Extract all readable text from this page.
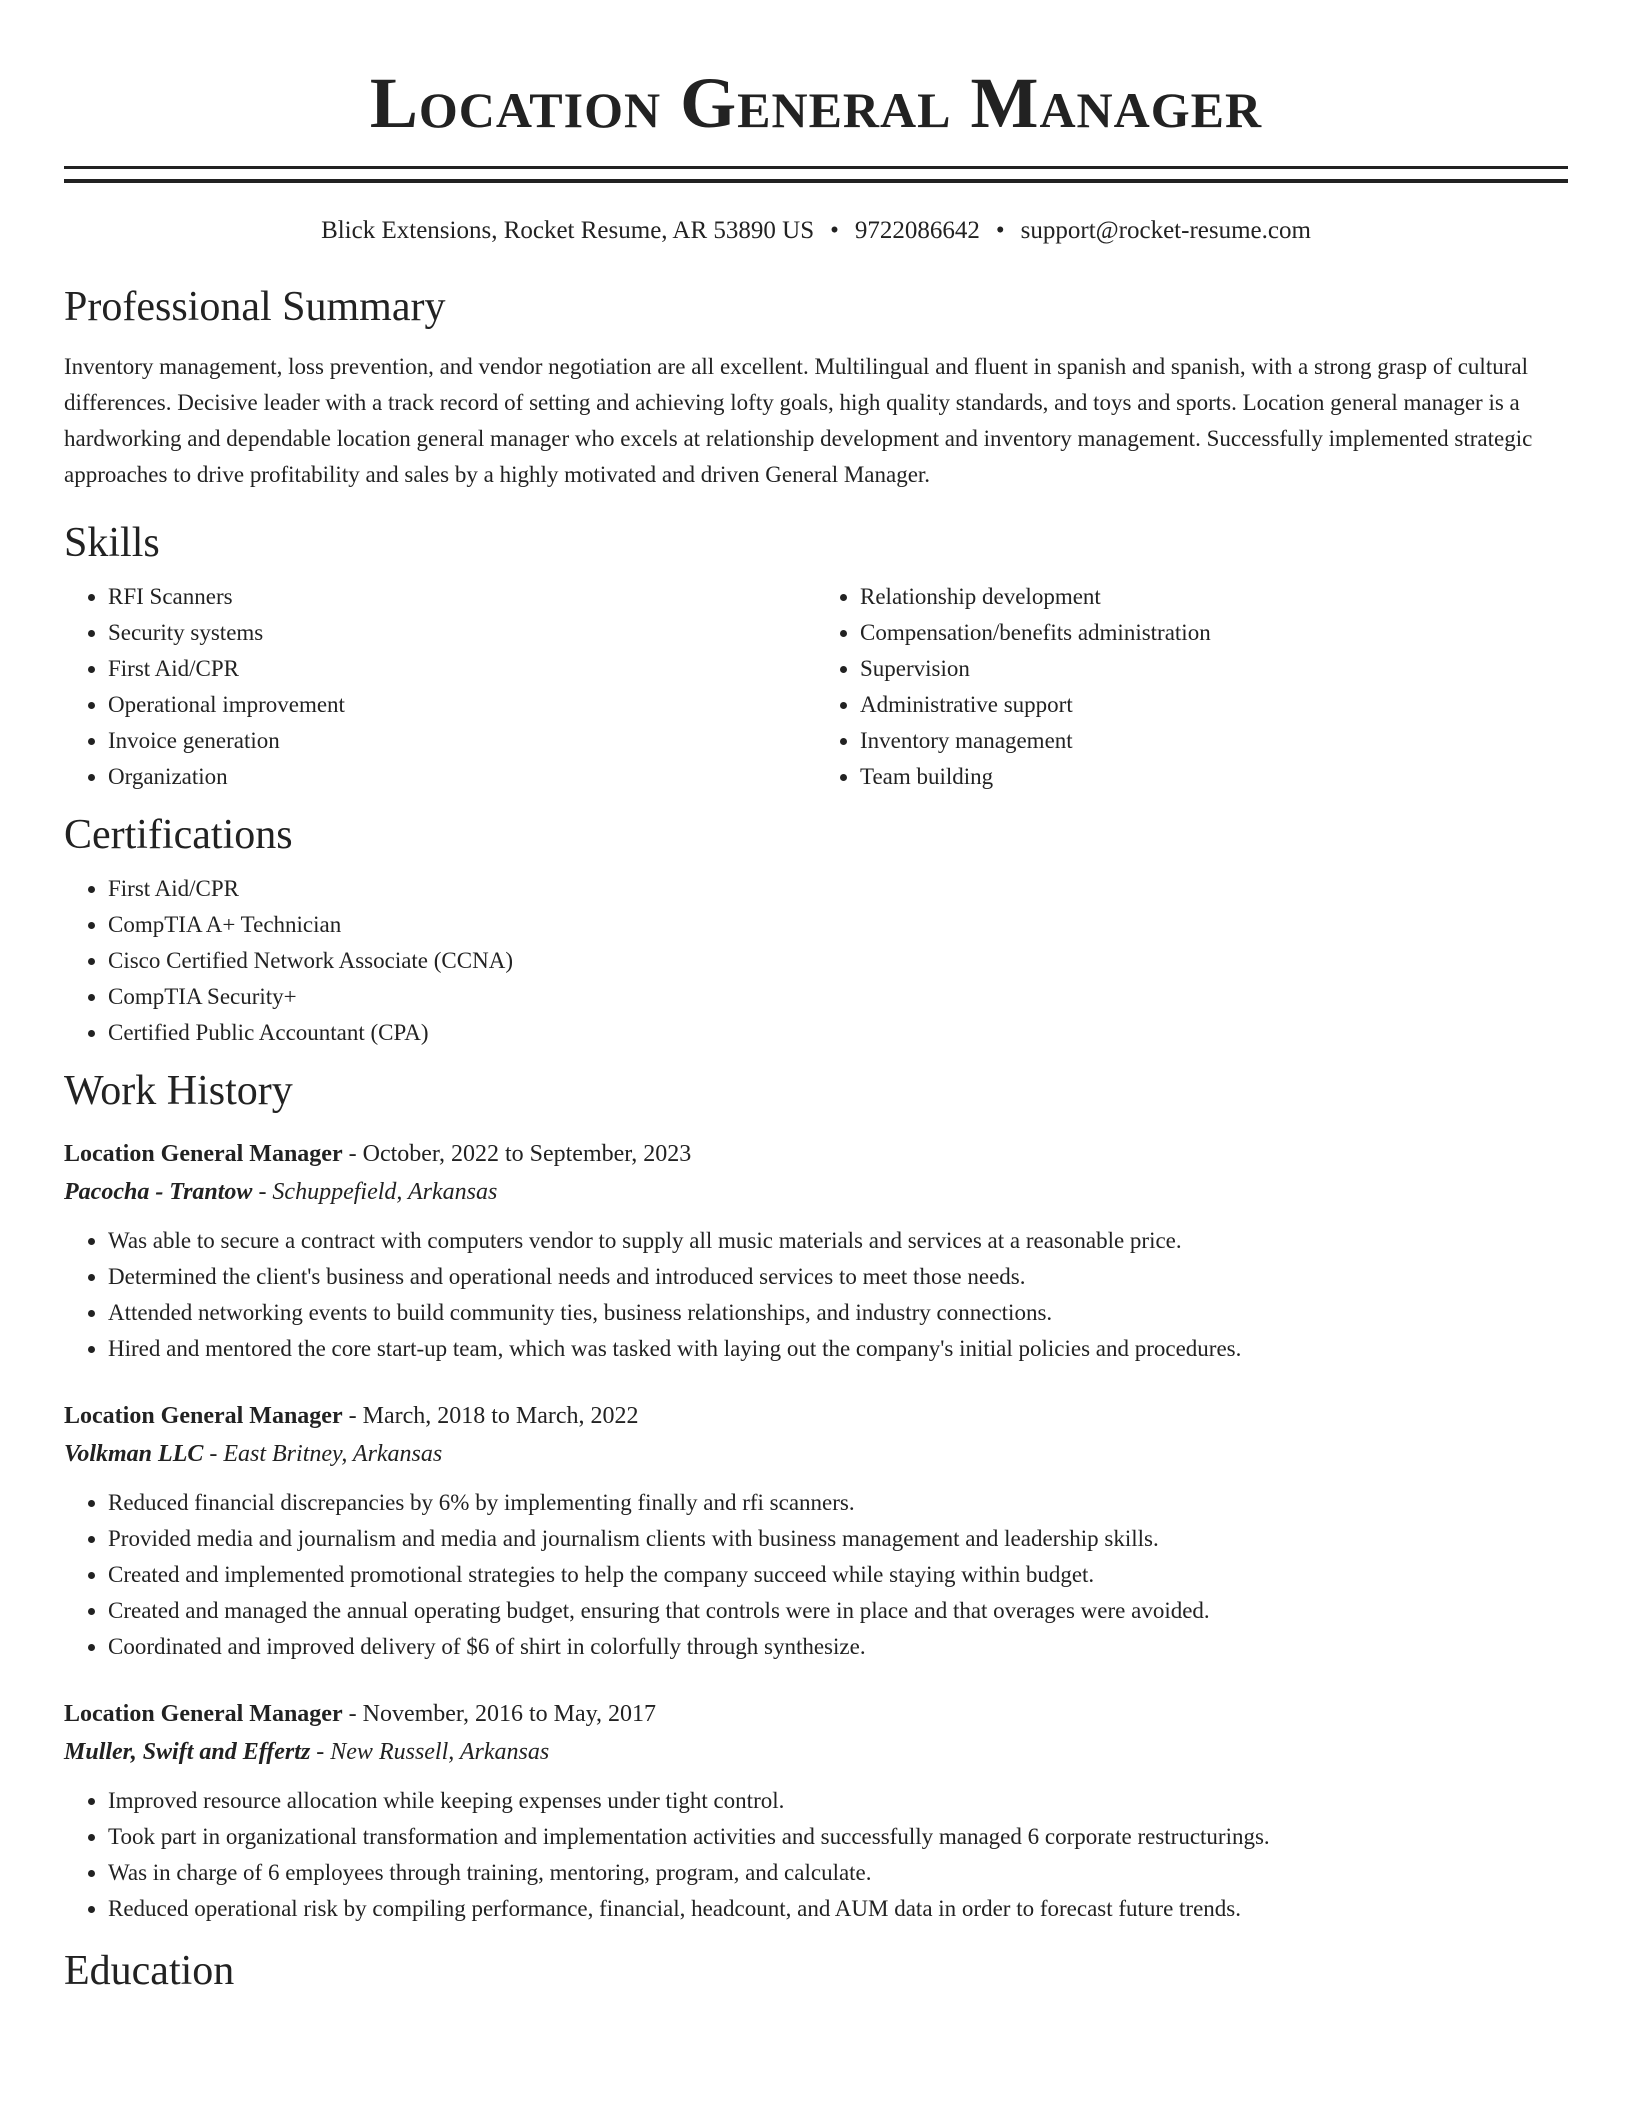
Location General Manager
Blick Extensions, Rocket Resume, AR 53890 US • 9722086642 • support@rocket-resume.com
Professional Summary
Inventory management, loss prevention, and vendor negotiation are all excellent. Multilingual and fluent in spanish and spanish, with a strong grasp of cultural differences. Decisive leader with a track record of setting and achieving lofty goals, high quality standards, and toys and sports. Location general manager is a hardworking and dependable location general manager who excels at relationship development and inventory management. Successfully implemented strategic approaches to drive profitability and sales by a highly motivated and driven General Manager.
Skills
• RFI Scanners
• Security systems
• First Aid/CPR
• Operational improvement
• Invoice generation
• Organization
• Relationship development
• Compensation/benefits administration
• Supervision
• Administrative support
• Inventory management
• Team building
Certifications
• First Aid/CPR
• CompTIA A+ Technician
• Cisco Certified Network Associate (CCNA)
• CompTIA Security+
• Certified Public Accountant (CPA)
Work History
Location General Manager - October, 2022 to September, 2023
Pacocha - Trantow - Schuppefield, Arkansas
• Was able to secure a contract with computers vendor to supply all music materials and services at a reasonable price.
• Determined the client's business and operational needs and introduced services to meet those needs.
• Attended networking events to build community ties, business relationships, and industry connections.
• Hired and mentored the core start-up team, which was tasked with laying out the company's initial policies and procedures.
Location General Manager - March, 2018 to March, 2022
Volkman LLC - East Britney, Arkansas
• Reduced financial discrepancies by 6% by implementing finally and rfi scanners.
• Provided media and journalism and media and journalism clients with business management and leadership skills.
• Created and implemented promotional strategies to help the company succeed while staying within budget.
• Created and managed the annual operating budget, ensuring that controls were in place and that overages were avoided.
• Coordinated and improved delivery of $6 of shirt in colorfully through synthesize.
Location General Manager - November, 2016 to May, 2017
Muller, Swift and Effertz - New Russell, Arkansas
• Improved resource allocation while keeping expenses under tight control.
• Took part in organizational transformation and implementation activities and successfully managed 6 corporate restructurings.
• Was in charge of 6 employees through training, mentoring, program, and calculate.
• Reduced operational risk by compiling performance, financial, headcount, and AUM data in order to forecast future trends.
Education
